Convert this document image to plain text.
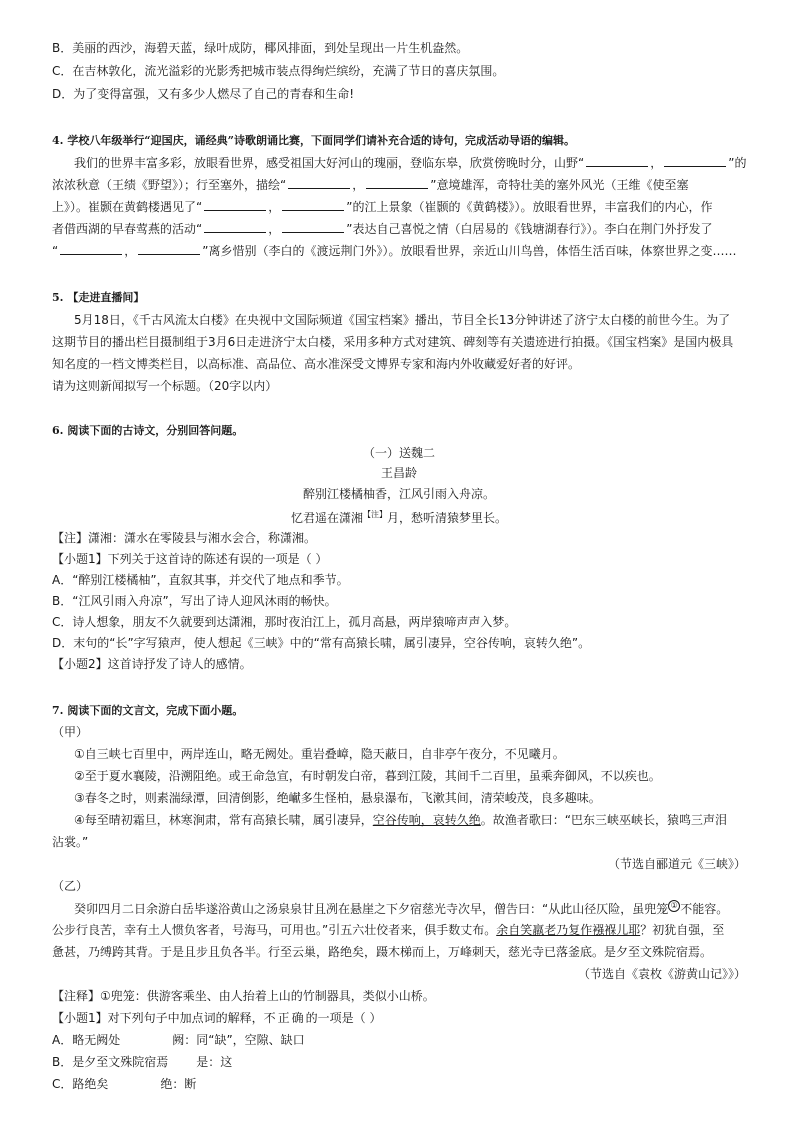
B．美丽的西沙，海碧天蓝，绿叶成防，椰风排面，到处呈现出一片生机盎然。
C．在吉林敦化，流光溢彩的光影秀把城市装点得绚烂缤纷，充满了节日的喜庆氛围。
D．为了变得富强，又有多少人燃尽了自己的青春和生命!
4. 学校八年级举行“迎国庆，诵经典”诗歌朗诵比赛，下面同学们请补充合适的诗句，完成活动导语的编辑。
我们的世界丰富多彩，放眼看世界，感受祖国大好河山的瑰丽，登临东皋，欣赏傍晚时分，山野“	，	”的
浓浓秋意（王绩《野望》）；行至塞外，描绘“	，	”意境雄浑，奇特壮美的塞外风光（王维《使至塞
上》）。崔颢在黄鹤楼遇见了“	，	”的江上景象（崔颢的《黄鹤楼》）。放眼看世界，丰富我们的内心，作
者借西湖的早春莺燕的活动“	，	”表达自己喜悦之情（白居易的《钱塘湖春行》）。李白在荆门外抒发了
“	，	”离乡惜别（李白的《渡远荆门外》）。放眼看世界，亲近山川鸟兽，体悟生活百味，体察世界之变……
5. 【走进直播间】
5月18日，《千古风流太白楼》在央视中文国际频道《国宝档案》播出，节目全长13分钟讲述了济宁太白楼的前世今生。为了
这期节目的播出栏目摄制组于3月6日走进济宁太白楼，采用多种方式对建筑、碑刻等有关遗迹进行拍摄。《国宝档案》是国内极具
知名度的一档文博类栏目，以高标准、高品位、高水准深受文博界专家和海内外收藏爱好者的好评。
请为这则新闻拟写一个标题。（20字以内）
6. 阅读下面的古诗文，分别回答问题。
（一）送魏二
王昌龄
醉别江楼橘柚香，江风引雨入舟凉。
忆君遥在潇湘$^{【注】}$月，愁听清猿梦里长。
【注】潇湘：潇水在零陵县与湘水会合，称潇湘。
【小题1】下列关于这首诗的陈述有误的一项是（ ）
A．“醉别江楼橘柚”，直叙其事，并交代了地点和季节。
B．“江风引雨入舟凉”，写出了诗人迎风沐雨的畅快。
C．诗人想象，朋友不久就要到达潇湘，那时夜泊江上，孤月高悬，两岸猿啼声声入梦。
D．末句的“长”字写猿声，使人想起《三峡》中的“常有高猿长啸，属引凄异，空谷传响，哀转久绝”。
【小题2】这首诗抒发了诗人的感情。
7. 阅读下面的文言文，完成下面小题。
（甲）
①自三峡七百里中，两岸连山，略无阙处。重岩叠嶂，隐天蔽日，自非亭午夜分，不见曦月。
②至于夏水襄陵，沿溯阻绝。或王命急宣，有时朝发白帝，暮到江陵，其间千二百里，虽乘奔御风，不以疾也。
③春冬之时，则素湍绿潭，回清倒影，绝𪩘多生怪柏，悬泉瀑布，飞漱其间，清荣峻茂，良多趣味。
④每至晴初霜旦，林寒涧肃，常有高猿长啸，属引凄异，空谷传响，哀转久绝。故渔者歌曰：“巴东三峡巫峡长，猿鸣三声泪
沾裳。”
（节选自郦道元《三峡》）
（乙）
癸卯四月二日余游白岳毕遂浴黄山之汤泉泉甘且冽在悬崖之下夕宿慈光寺次早，僧告曰：“从此山径仄险，虽兜笼 ① 不能容。
公步行良苦，幸有土人惯负客者，号海马，可用也。”引五六壮佼者来，俱手数丈布。余自笑羸老乃复作襁褓儿耶？初犹自强，至
惫甚，乃缚跨其背。于是且步且负各半。行至云巢，路绝矣，蹑木梯而上，万峰刺天，慈光寺已落釜底。是夕至文殊院宿焉。
（节选自《袁枚《游黄山记》》）
【注释】①兜笼：供游客乘坐、由人抬着上山的竹制器具，类似小山桥。
【小题1】对下列句子中加点词的解释，不正确的一项是（ ）
A．略无阙处	阙：同“缺”，空隙、缺口
B．是夕至文殊院宿焉 是：这
C．路绝矣	绝：断
